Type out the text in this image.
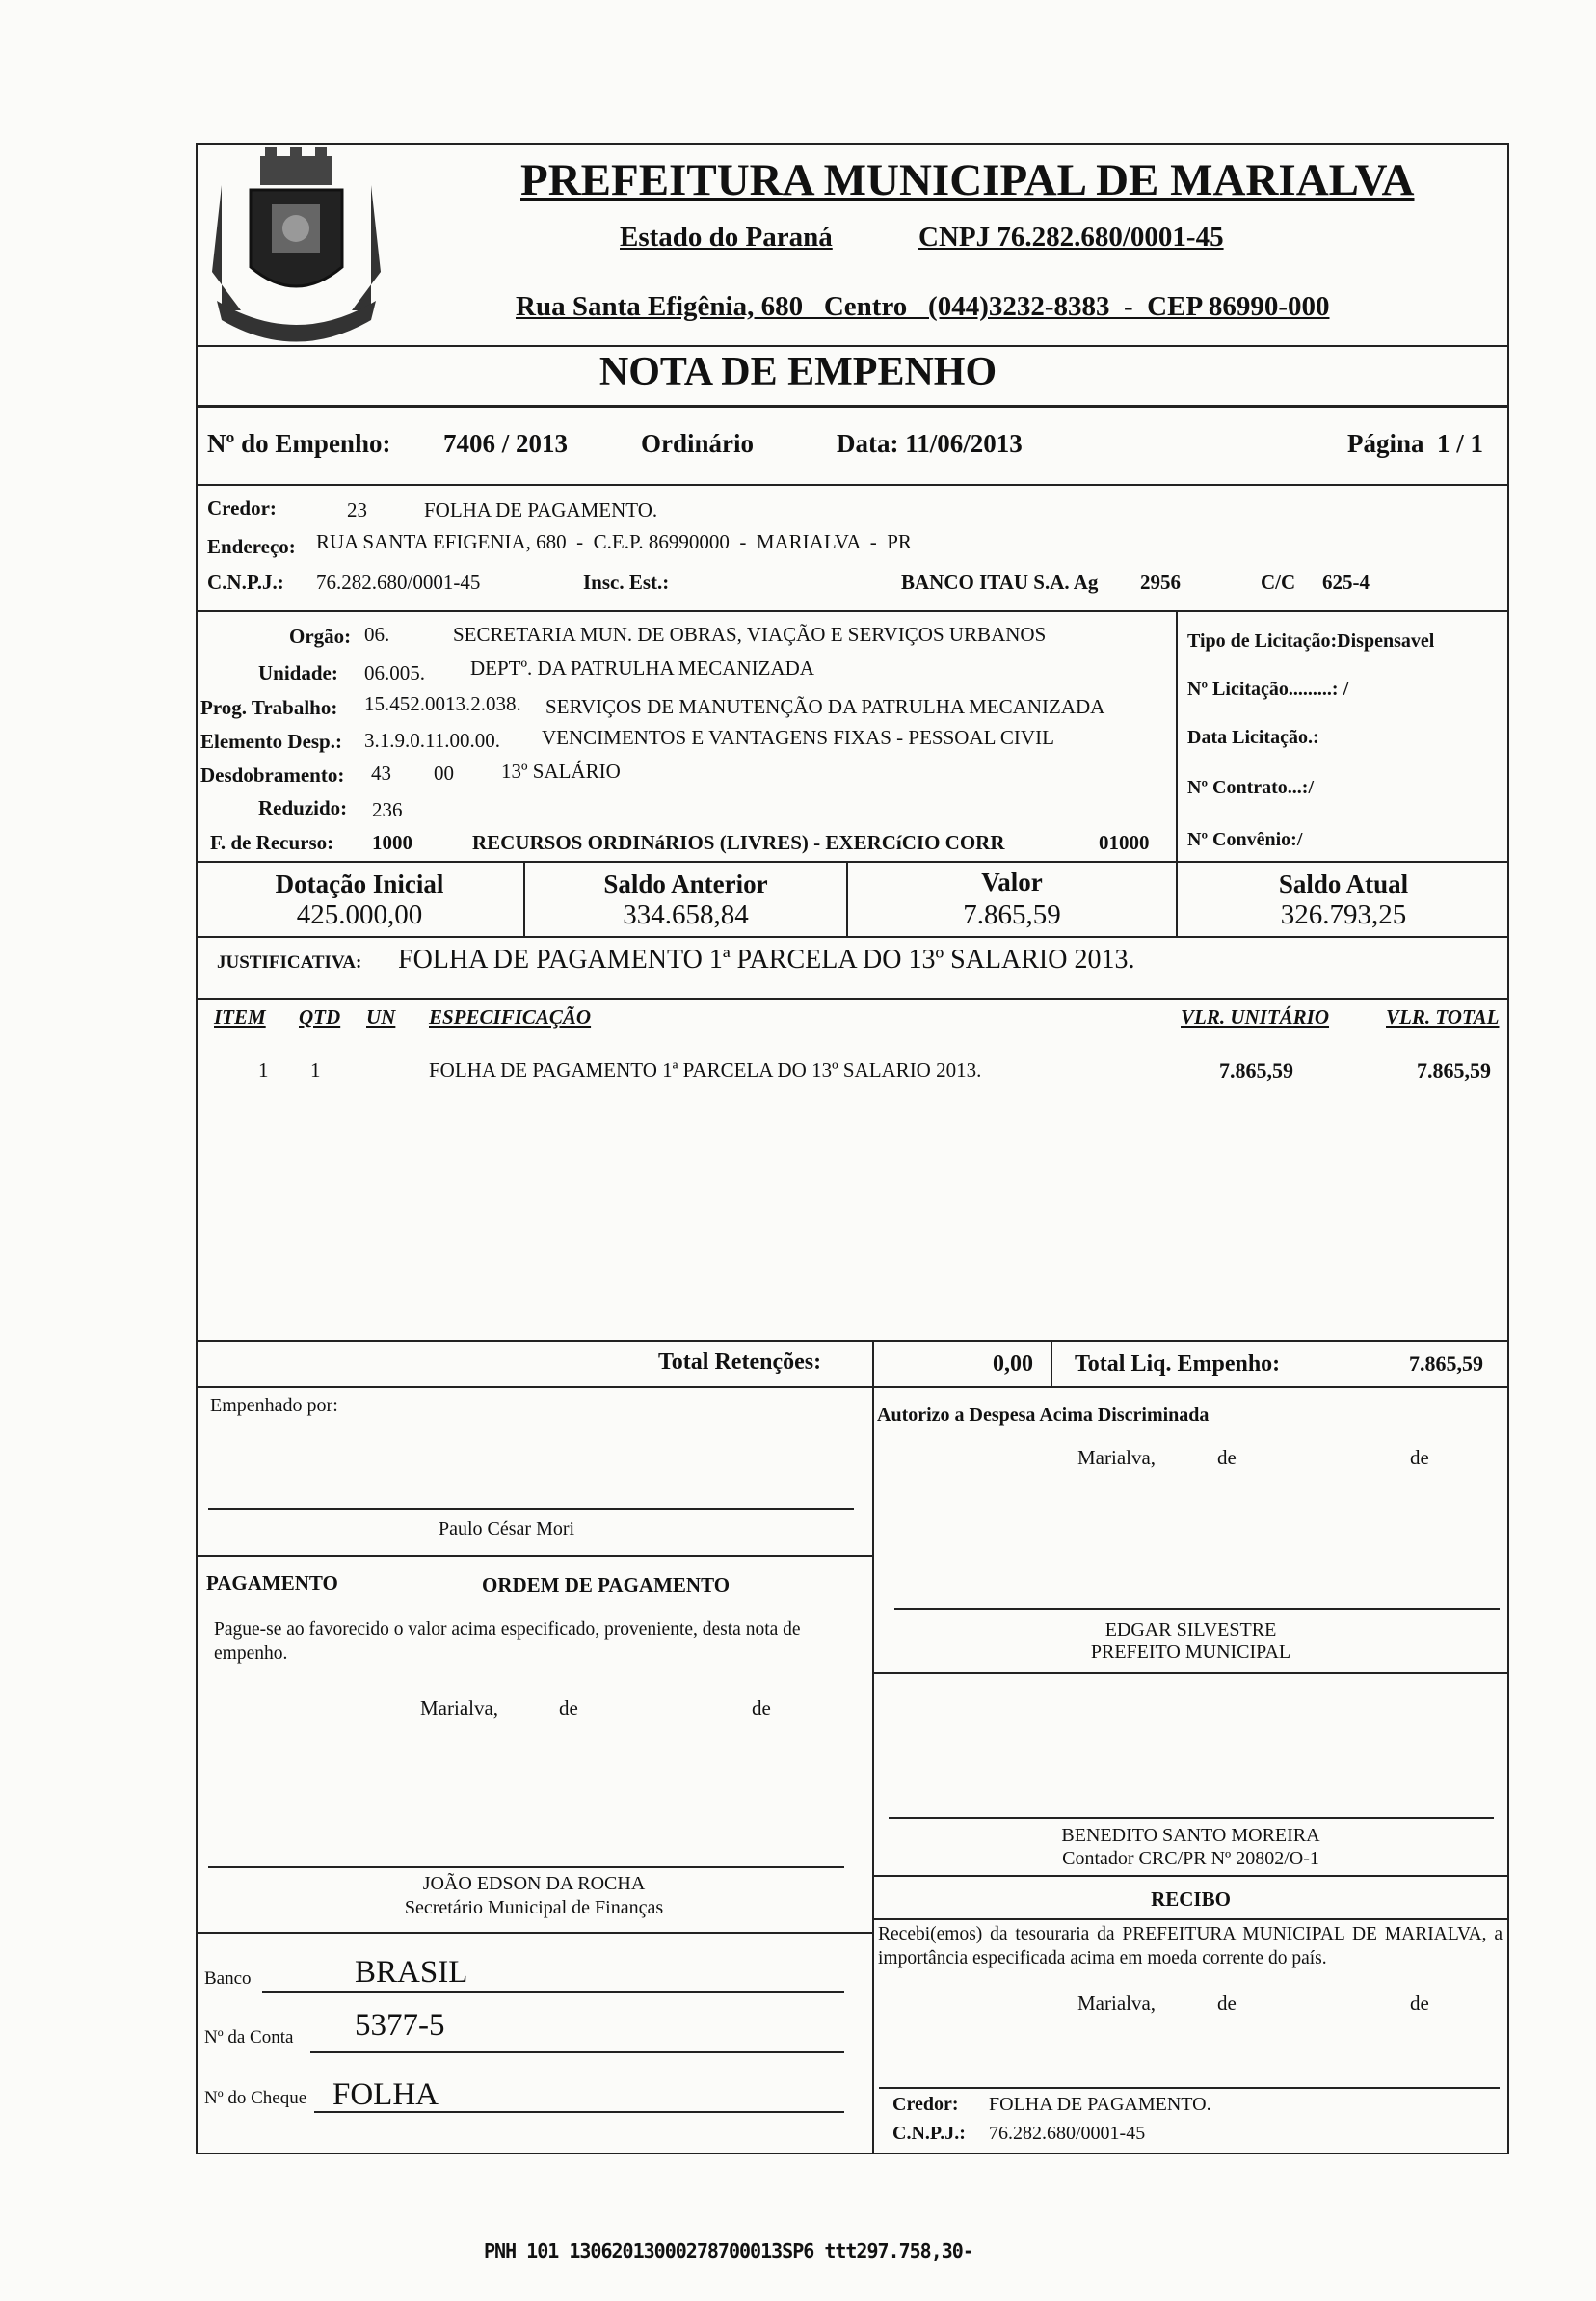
PREFEITURA MUNICIPAL DE MARIALVA
Estado do Paraná	CNPJ 76.282.680/0001-45
Rua Santa Efigênia, 680   Centro   (044)3232-8383  -  CEP 86990-000
NOTA DE EMPENHO
Nº do Empenho: 7406 / 2013	Ordinário	Data: 11/06/2013	Página  1 / 1
Credor:	23	FOLHA DE PAGAMENTO.
Endereço: RUA SANTA EFIGENIA, 680  -  C.E.P. 86990000  -  MARIALVA  -  PR
C.N.P.J.: 76.282.680/0001-45	Insc. Est.:	BANCO ITAU S.A. Ag 2956	C/C 625-4
Orgão: 06.	SECRETARIA MUN. DE OBRAS, VIAÇÃO E SERVIÇOS URBANOS
Unidade: 06.005. DEPTº. DA PATRULHA MECANIZADA
Prog. Trabalho: 15.452.0013.2.038. SERVIÇOS DE MANUTENÇÃO DA PATRULHA MECANIZADA
Elemento Desp.: 3.1.9.0.11.00.00. VENCIMENTOS E VANTAGENS FIXAS - PESSOAL CIVIL
Desdobramento: 43 00 13º SALÁRIO
Reduzido: 236
F. de Recurso: 1000	RECURSOS ORDINáRIOS (LIVRES) - EXERCíCIO CORR	01000
Tipo de Licitação:Dispensavel
Nº Licitação.........: /
Data Licitação.:
Nº Contrato...:/
Nº Convênio:/
Dotação Inicial
425.000,00
Saldo Anterior
334.658,84
Valor
7.865,59
Saldo Atual
326.793,25
JUSTIFICATIVA: FOLHA DE PAGAMENTO 1ª PARCELA DO 13º SALARIO 2013.
ITEM QTD UN ESPECIFICAÇÃO	VLR. UNITÁRIO	VLR. TOTAL
1 1	FOLHA DE PAGAMENTO 1ª PARCELA DO 13º SALARIO 2013.	7.865,59	7.865,59
Total Retenções:	0,00 Total Liq. Empenho:	7.865,59
Empenhado por:
Paulo César Mori
Autorizo a Despesa Acima Discriminada
Marialva,	de	de
EDGAR SILVESTRE
PREFEITO MUNICIPAL
PAGAMENTO	ORDEM DE PAGAMENTO
Pague-se ao favorecido o valor acima especificado, proveniente, desta nota de empenho.
Marialva,	de	de
JOÃO EDSON DA ROCHA
Secretário Municipal de Finanças
Banco	BRASIL
Nº da Conta 5377-5
Nº do Cheque FOLHA
BENEDITO SANTO MOREIRA
Contador CRC/PR Nº 20802/O-1
RECIBO
Recebi(emos) da tesouraria da PREFEITURA MUNICIPAL DE MARIALVA, a importância especificada acima em moeda corrente do país.
Marialva,	de	de
Credor: FOLHA DE PAGAMENTO.
C.N.P.J.: 76.282.680/0001-45
PNH 101 13062013000278700013SP6 ttt297.758,30-
